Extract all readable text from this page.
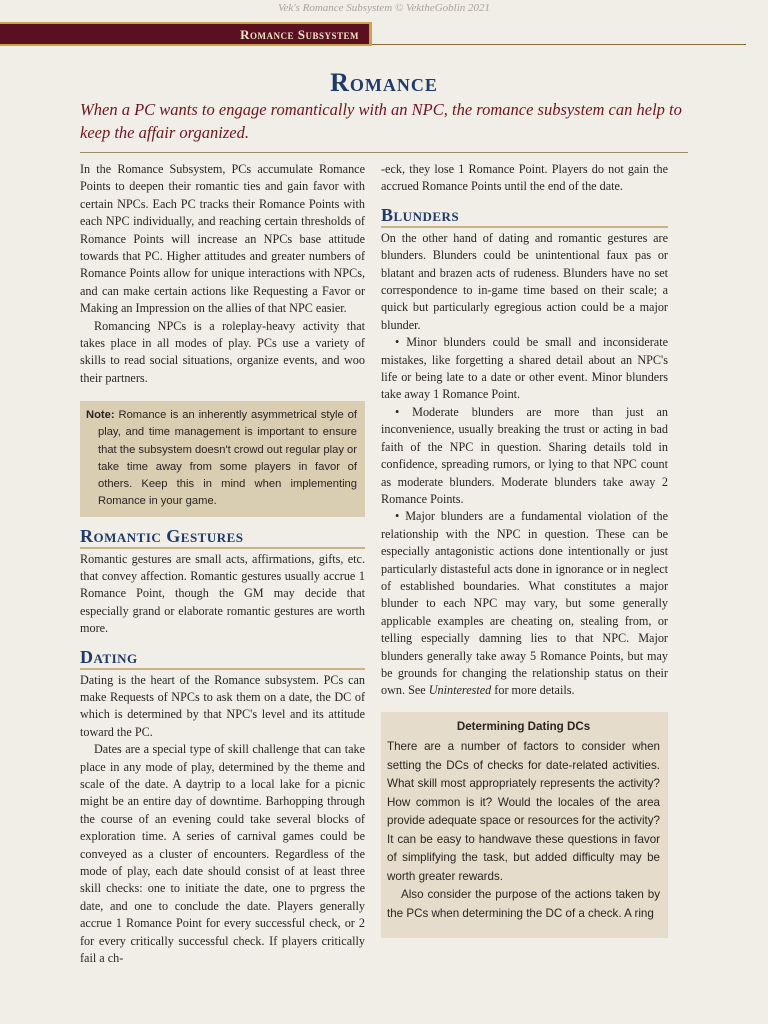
Vek's Romance Subsystem © VektheGoblin 2021
Romance Subsystem
Romance
When a PC wants to engage romantically with an NPC, the romance subsystem can help to keep the affair organized.

In the Romance Subsystem, PCs accumulate Romance Points to deepen their romantic ties and gain favor with certain NPCs. Each PC tracks their Romance Points with each NPC individually, and reaching certain thresholds of Romance Points will increase an NPCs base attitude towards that PC. Higher attitudes and greater numbers of Romance Points allow for unique interactions with NPCs, and can make certain actions like Requesting a Favor or Making an Impression on the allies of that NPC easier.

Romancing NPCs is a roleplay-heavy activity that takes place in all modes of play. PCs use a variety of skills to read social situations, organize events, and woo their partners.

Note: Romance is an inherently asymmetrical style of play, and time management is important to ensure that the subsystem doesn't crowd out regular play or take time away from some players in favor of others. Keep this in mind when implementing Romance in your game.
Romantic Gestures

Romantic gestures are small acts, affirmations, gifts, etc. that convey affection. Romantic gestures usually accrue 1 Romance Point, though the GM may decide that especially grand or elaborate romantic gestures are worth more.

Dating

Dating is the heart of the Romance subsystem. PCs can make Requests of NPCs to ask them on a date, the DC of which is determined by that NPC's level and its attitude toward the PC.

Dates are a special type of skill challenge that can take place in any mode of play, determined by the theme and scale of the date. A daytrip to a local lake for a picnic might be an entire day of downtime. Barhopping through the course of an evening could take several blocks of exploration time. A series of carnival games could be conveyed as a cluster of encounters. Regardless of the mode of play, each date should consist of at least three skill checks: one to initiate the date, one to prgress the date, and one to conclude the date. Players generally accrue 1 Romance Point for every successful check, or 2 for every critically successful check. If players critically fail a ch-

-eck, they lose 1 Romance Point. Players do not gain the accrued Romance Points until the end of the date.

Blunders

On the other hand of dating and romantic gestures are blunders. Blunders could be unintentional faux pas or blatant and brazen acts of rudeness. Blunders have no set correspondence to in-game time based on their scale; a quick but particularly egregious action could be a major blunder.

• Minor blunders could be small and inconsiderate mistakes, like forgetting a shared detail about an NPC's life or being late to a date or other event. Minor blunders take away 1 Romance Point.

• Moderate blunders are more than just an inconvenience, usually breaking the trust or acting in bad faith of the NPC in question. Sharing details told in confidence, spreading rumors, or lying to that NPC count as moderate blunders. Moderate blunders take away 2 Romance Points.

• Major blunders are a fundamental violation of the relationship with the NPC in question. These can be especially antagonistic actions done intentionally or just particularly distasteful acts done in ignorance or in neglect of established boundaries. What constitutes a major blunder to each NPC may vary, but some generally applicable examples are cheating on, stealing from, or telling especially damning lies to that NPC. Major blunders generally take away 5 Romance Points, but may be grounds for changing the relationship status on their own. See Uninterested for more details.

Determining Dating DCs

There are a number of factors to consider when setting the DCs of checks for date-related activities. What skill most appropriately represents the activity? How common is it? Would the locales of the area provide adequate space or resources for the activity? It can be easy to handwave these questions in favor of simplifying the task, but added difficulty may be worth greater rewards.

Also consider the purpose of the actions taken by the PCs when determining the DC of a check. A ring
